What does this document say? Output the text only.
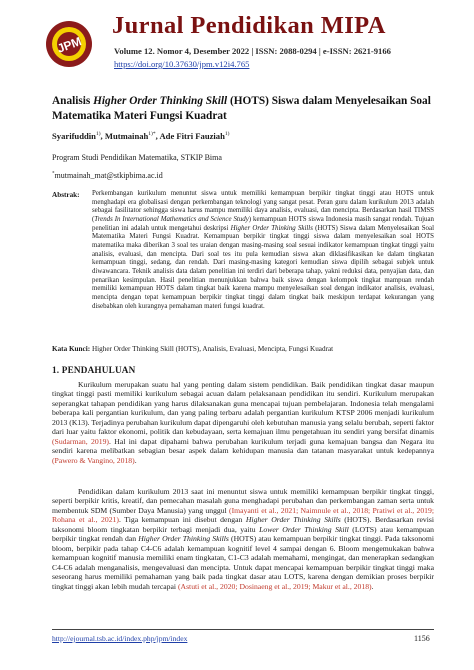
JPM
Jurnal Pendidikan MIPA
Volume 12. Nomor 4, Desember 2022 | ISSN: 2088-0294 | e-ISSN: 2621-9166
https://doi.org/10.37630/jpm.v12i4.765
Analisis Higher Order Thinking Skill (HOTS) Siswa dalam Menyelesaikan Soal Matematika Materi Fungsi Kuadrat
Syarifuddin$^{1)}$, Mutmainah$^{1)*}$, Ade Fitri Fauziah$^{1)}$
Program Studi Pendidikan Matematika, STKIP Bima
*mutmainah_mat@stkipbima.ac.id
Abstrak: Perkembangan kurikulum menuntut siswa untuk memiliki kemampuan berpikir tingkat tinggi atau HOTS untuk menghadapi era globalisasi dengan perkembangan teknologi yang sangat pesat. Peran guru dalam kurikulum 2013 adalah sebagai fasilitator sehingga siswa harus mampu memiliki daya analisis, evaluasi, dan mencipta. Berdasarkan hasil TIMSS (Trends In International Mathematics and Science Study) kemampuan HOTS siswa Indonesia masih sangat rendah. Tujuan penelitian ini adalah untuk mengetahui deskripsi Higher Order Thinking Skills (HOTS) Siswa dalam Menyelesaikan Soal Matematika Materi Fungsi Kuadrat. Kemampuan berpikir tingkat tinggi siswa dalam menyelesaikan soal HOTS matematika maka diberikan 3 soal tes uraian dengan masing-masing soal sesuai indikator kemampuan tingkat tinggi yaitu analisis, evaluasi, dan mencipta. Dari soal tes itu pula kemudian siswa akan diklasifikasikan ke dalam tingkatan kemampuan tinggi, sedang, dan rendah. Dari masing-masing kategori kemudian siswa dipilih sebagai subjek untuk diwawancara. Teknik analisis data dalam penelitian ini terdiri dari beberapa tahap, yakni reduksi data, penyajian data, dan penarikan kesimpulan. Hasil penelitian menunjukkan bahwa baik siswa dengan kelompok tingkat mampuan rendah memiliki kemampuan HOTS dalam tingkat baik karena mampu menyelesaikan soal dengan indikator analisis, evaluasi, mencipta dengan tepat kemampuan berpikir tingkat tinggi dalam tingkat baik meskipun terdapat kekurangan yang disebabkan oleh kurangnya pemahaman materi fungsi kuadrat.
Kata Kunci: Higher Order Thinking Skill (HOTS), Analisis, Evaluasi, Mencipta, Fungsi Kuadrat
1. PENDAHULUAN
Kurikulum merupakan suatu hal yang penting dalam sistem pendidikan. Baik pendidikan tingkat dasar maupun tingkat tinggi pasti memiliki kurikulum sebagai acuan dalam pelaksanaan pendidikan itu sendiri. Kurikulum merupakan seperangkat tahapan pendidikan yang harus dilaksanakan guna mencapai tujuan pembelajaran. Indonesia telah mengalami beberapa kali pergantian kurikulum, dan yang paling terbaru adalah pergantian kurikulum KTSP 2006 menjadi kurikulum 2013 (K13). Terjadinya perubahan kurikulum dapat dipengaruhi oleh kebutuhan manusia yang selalu berubah, seperti faktor dari luar yaitu faktor ekonomi, politik dan kebudayaan, serta kemajuan ilmu pengetahuan itu sendiri yang bersifat dinamis (Sudarman, 2019). Hal ini dapat dipahami bahwa perubahan kurikulum terjadi guna kemajuan bangsa dan Negara itu sendiri karena melibatkan sebagian besar aspek dalam kehidupan manusia dan tatanan masyarakat untuk kedepannya (Pawero & Vangino, 2018).
Pendidikan dalam kurikulum 2013 saat ini menuntut siswa untuk memiliki kemampuan berpikir tingkat tinggi, seperti berpikir kritis, kreatif, dan pemecahan masalah guna menghadapi perubahan dan perkembangan zaman serta untuk membentuk SDM (Sumber Daya Manusia) yang unggul (Imayanti et al., 2021; Naimnule et al., 2018; Pratiwi et al., 2019; Rohana et al., 2021). Tiga kemampuan ini disebut dengan Higher Order Thinking Skills (HOTS). Berdasarkan revisi taksonomi bloom tingkatan berpikir terbagi menjadi dua, yaitu Lower Order Thinking Skill (LOTS) atau kemampuan berpikir tingkat rendah dan Higher Order Thinking Skills (HOTS) atau kemampuan berpikir tingkat tinggi. Pada taksonomi bloom, berpikir pada tahap C4-C6 adalah kemampuan kognitif level 4 sampai dengan 6. Bloom mengemukakan bahwa kemampuan kognitif manusia memiliki enam tingkatan, C1-C3 adalah memahami, mengingat, dan menerapkan sedangkan C4-C6 adalah menganalisis, mengevaluasi dan mencipta. Untuk dapat mencapai kemampuan berpikir tingkat tinggi maka seseorang harus memiliki pemahaman yang baik pada tingkat dasar atau LOTS, karena dengan demikian proses berpikir tingkat tinggi akan lebih mudah tercapai (Astuti et al., 2020; Dosinaeng et al., 2019; Makur et al., 2018).
http://ejournal.tsb.ac.id/index.php/jpm/index	1156
